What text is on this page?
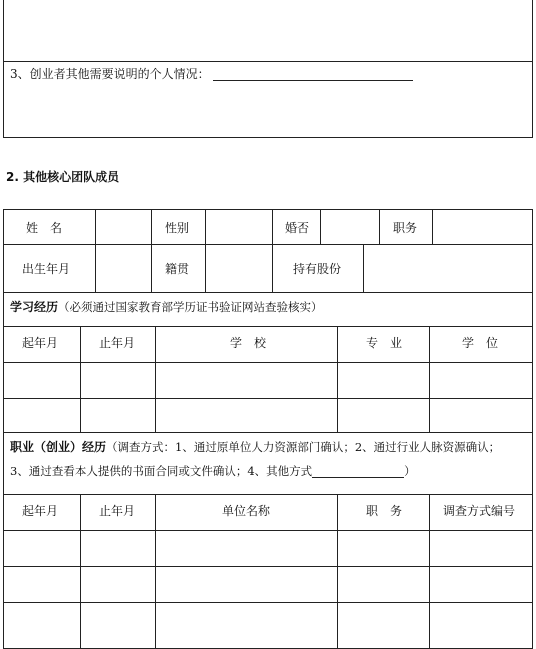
3、创业者其他需要说明的个人情况：
2. 其他核心团队成员
姓　名	性别	婚否	职务
出生年月	籍贯	持有股份
学习经历（必须通过国家教育部学历证书验证网站查验核实）
起年月	止年月	学　校	专　业	学　位
职业（创业）经历（调查方式：1、通过原单位人力资源部门确认；2、通过行业人脉资源确认；
3、通过查看本人提供的书面合同或文件确认；4、其他方式	）
起年月	止年月	单位名称	职　务	调查方式编号
